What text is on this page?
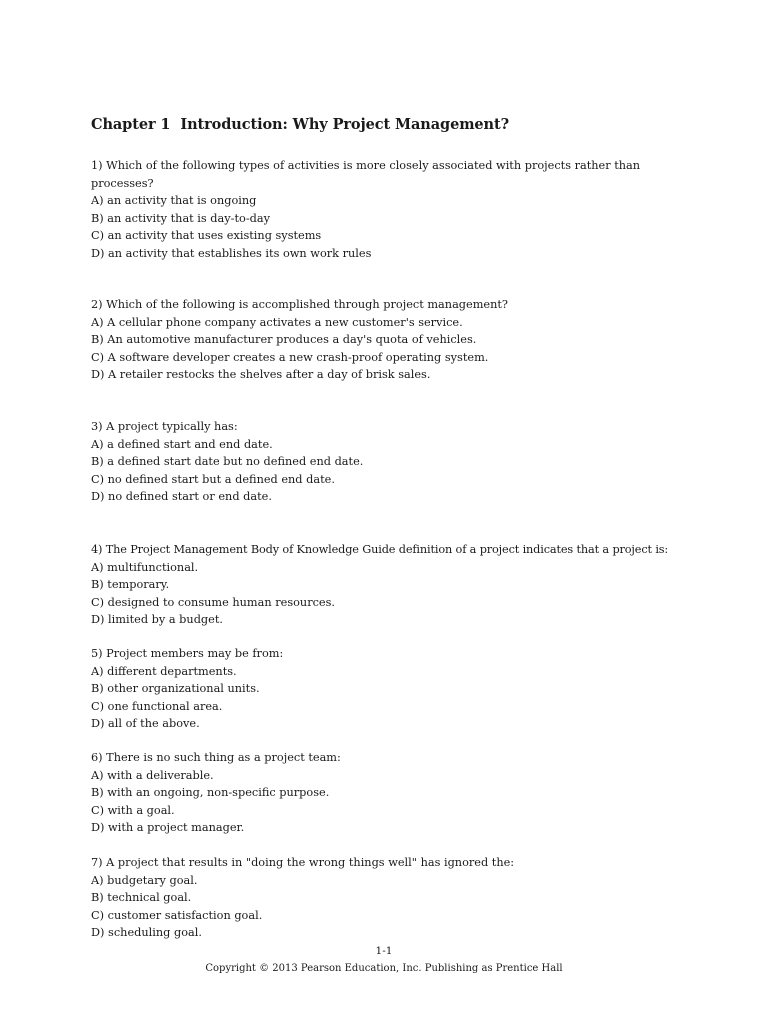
Chapter 1 Introduction: Why Project Management?

1) Which of the following types of activities is more closely associated with projects rather than processes?

A) an activity that is ongoing

B) an activity that is day-to-day

C) an activity that uses existing systems

D) an activity that establishes its own work rules

2) Which of the following is accomplished through project management?

A) A cellular phone company activates a new customer's service.

B) An automotive manufacturer produces a day's quota of vehicles.

C) A software developer creates a new crash-proof operating system.

D) A retailer restocks the shelves after a day of brisk sales.

3) A project typically has:

A) a defined start and end date.

B) a defined start date but no defined end date.

C) no defined start but a defined end date.

D) no defined start or end date.

4) The Project Management Body of Knowledge Guide definition of a project indicates that a project is:

A) multifunctional.

B) temporary.

C) designed to consume human resources.

D) limited by a budget.

5) Project members may be from:

A) different departments.

B) other organizational units.

C) one functional area.

D) all of the above.

6) There is no such thing as a project team:

A) with a deliverable.

B) with an ongoing, non-specific purpose.

C) with a goal.

D) with a project manager.

7) A project that results in "doing the wrong things well" has ignored the:

A) budgetary goal.

B) technical goal.

C) customer satisfaction goal.

D) scheduling goal.

1-1
Copyright © 2013 Pearson Education, Inc. Publishing as Prentice Hall
